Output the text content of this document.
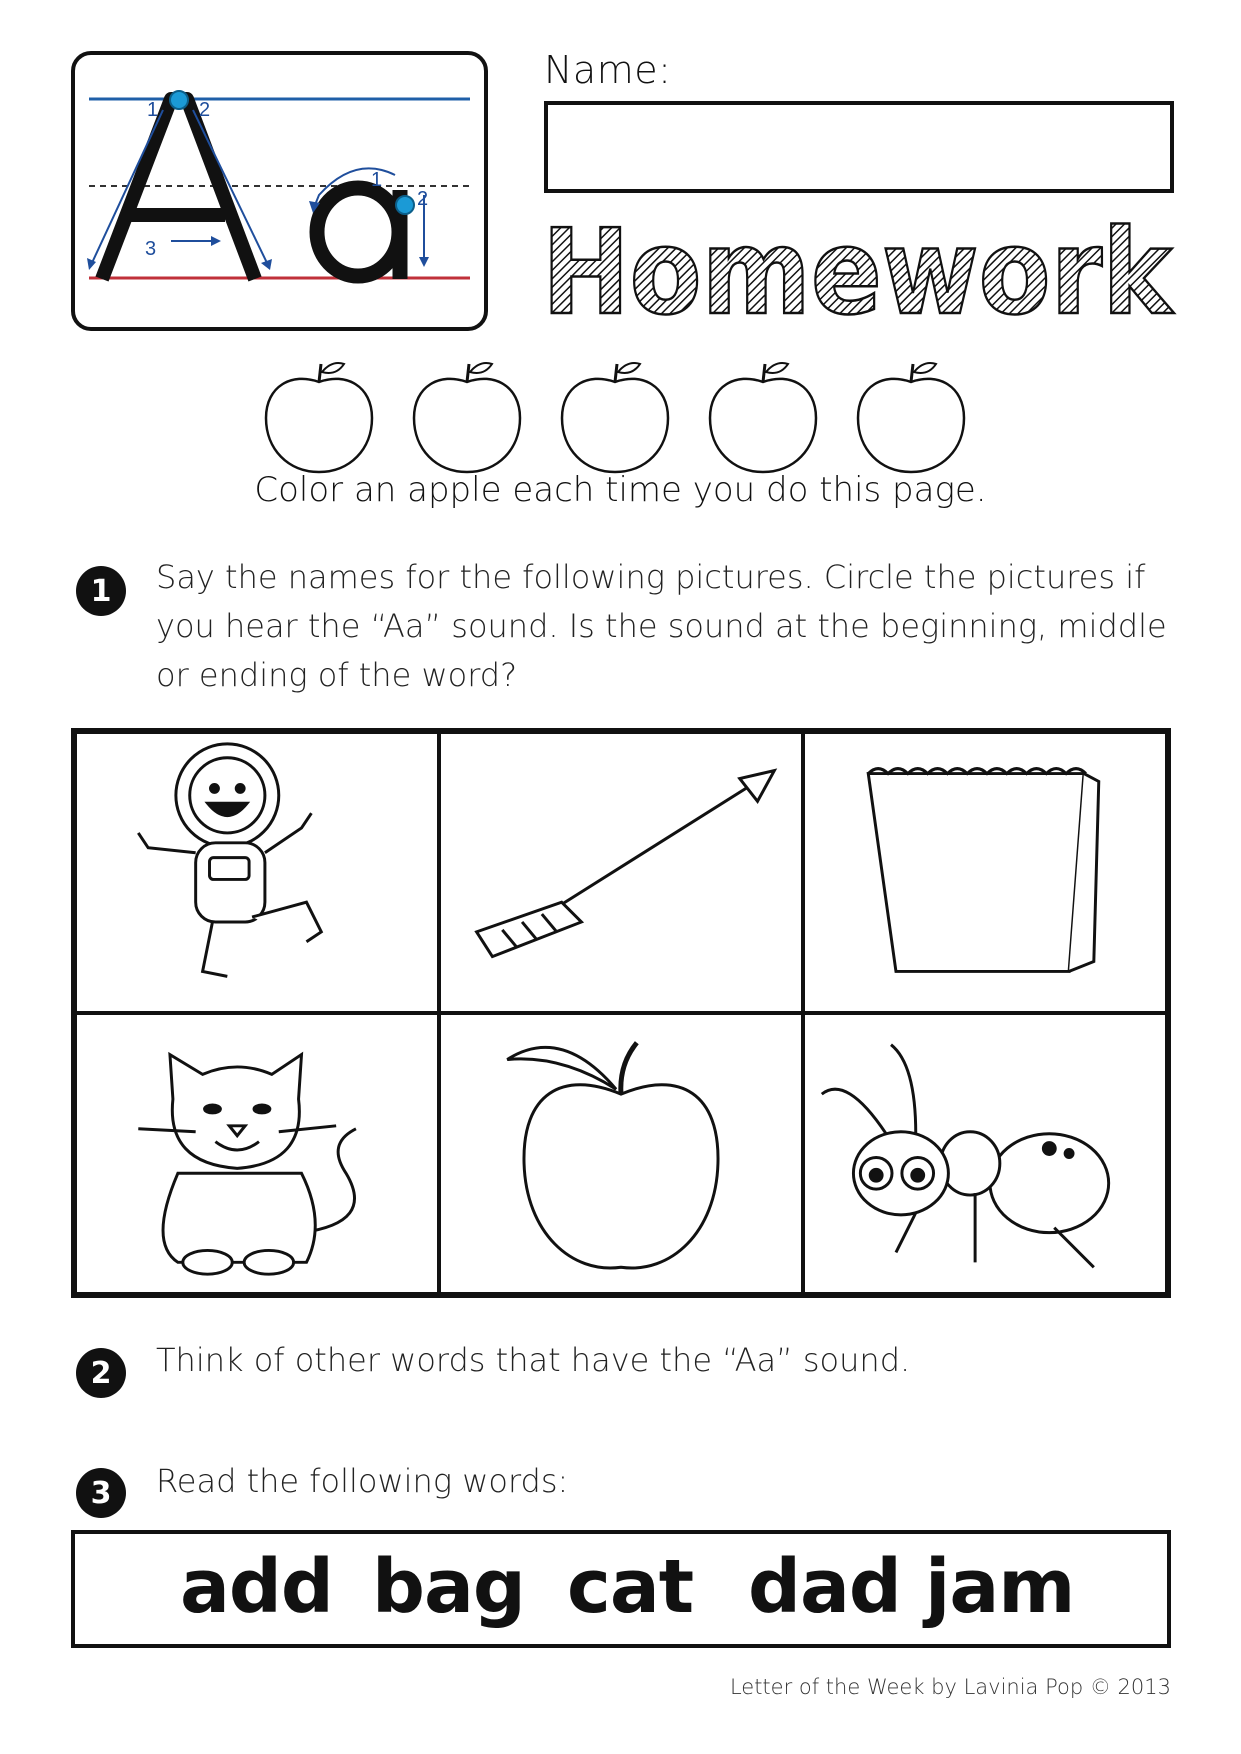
1 2
3
1
2
Name:
Homework
Color an apple each time you do this page.
1	Say the names for the following pictures. Circle the pictures if you hear the “Aa” sound. Is the sound at the beginning, middle or ending of the word?
2	Think of other words that have the “Aa” sound.
3	Read the following words:
add bag cat dad jam
Letter of the Week by Lavinia Pop © 2013
